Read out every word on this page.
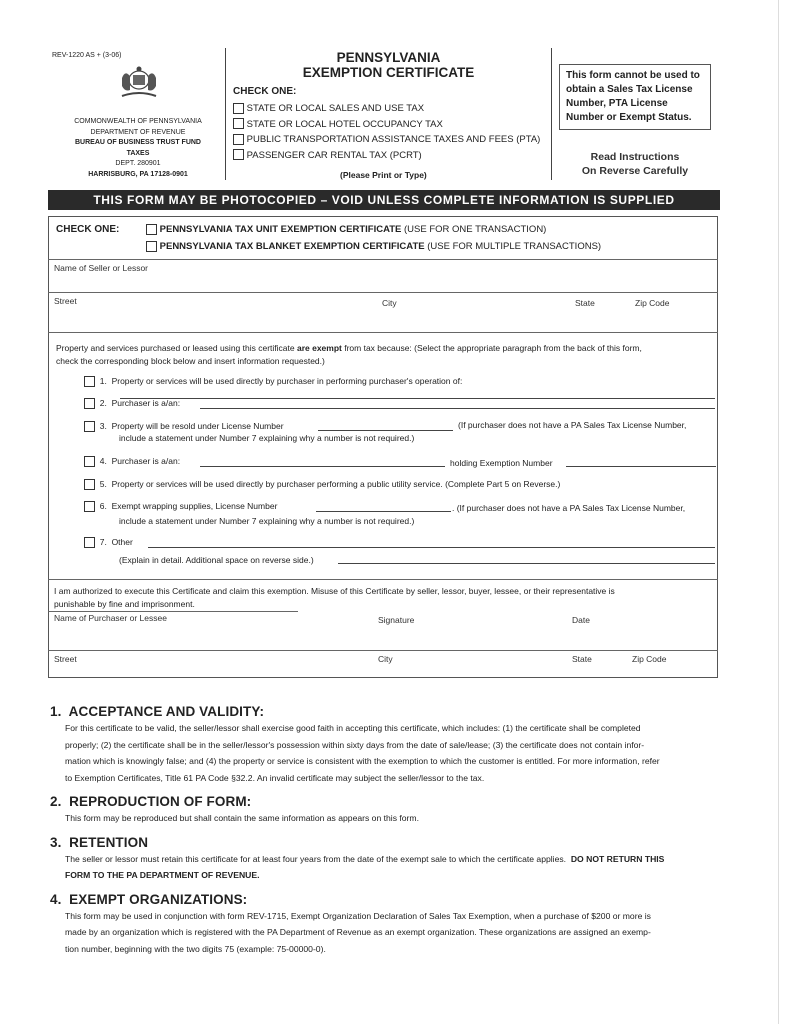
REV-1220 AS + (3-06)
COMMONWEALTH OF PENNSYLVANIA
DEPARTMENT OF REVENUE
BUREAU OF BUSINESS TRUST FUND TAXES
DEPT. 280901
HARRISBURG, PA 17128-0901
PENNSYLVANIA
EXEMPTION CERTIFICATE
CHECK ONE:
STATE OR LOCAL SALES AND USE TAX
STATE OR LOCAL HOTEL OCCUPANCY TAX
PUBLIC TRANSPORTATION ASSISTANCE TAXES AND FEES (PTA)
PASSENGER CAR RENTAL TAX (PCRT)
(Please Print or Type)
This form cannot be used to obtain a Sales Tax License Number, PTA License Number or Exempt Status.
Read Instructions
On Reverse Carefully
THIS FORM MAY BE PHOTOCOPIED – VOID UNLESS COMPLETE INFORMATION IS SUPPLIED
CHECK ONE:	PENNSYLVANIA TAX UNIT EXEMPTION CERTIFICATE (USE FOR ONE TRANSACTION)
PENNSYLVANIA TAX BLANKET EXEMPTION CERTIFICATE (USE FOR MULTIPLE TRANSACTIONS)
Name of Seller or Lessor
Street	City	State	Zip Code
Property and services purchased or leased using this certificate are exempt from tax because: (Select the appropriate paragraph from the back of this form,
check the corresponding block below and insert information requested.)
1. Property or services will be used directly by purchaser in performing purchaser's operation of:
2. Purchaser is a/an:
3. Property will be resold under License Number	(If purchaser does not have a PA Sales Tax License Number,
include a statement under Number 7 explaining why a number is not required.)
4. Purchaser is a/an:	holding Exemption Number
5. Property or services will be used directly by purchaser performing a public utility service. (Complete Part 5 on Reverse.)
6. Exempt wrapping supplies, License Number	. (If purchaser does not have a PA Sales Tax License Number,
include a statement under Number 7 explaining why a number is not required.)
7. Other
(Explain in detail. Additional space on reverse side.)
I am authorized to execute this Certificate and claim this exemption. Misuse of this Certificate by seller, lessor, buyer, lessee, or their representative is
punishable by fine and imprisonment.
Name of Purchaser or Lessee	Signature	Date
Street	City	State	Zip Code
1. ACCEPTANCE AND VALIDITY:
For this certificate to be valid, the seller/lessor shall exercise good faith in accepting this certificate, which includes: (1) the certificate shall be completed
properly; (2) the certificate shall be in the seller/lessor's possession within sixty days from the date of sale/lease; (3) the certificate does not contain infor-
mation which is knowingly false; and (4) the property or service is consistent with the exemption to which the customer is entitled. For more information, refer
to Exemption Certificates, Title 61 PA Code §32.2. An invalid certificate may subject the seller/lessor to the tax.
2. REPRODUCTION OF FORM:
This form may be reproduced but shall contain the same information as appears on this form.
3. RETENTION
The seller or lessor must retain this certificate for at least four years from the date of the exempt sale to which the certificate applies. DO NOT RETURN THIS
FORM TO THE PA DEPARTMENT OF REVENUE.
4. EXEMPT ORGANIZATIONS:
This form may be used in conjunction with form REV-1715, Exempt Organization Declaration of Sales Tax Exemption, when a purchase of $200 or more is
made by an organization which is registered with the PA Department of Revenue as an exempt organization. These organizations are assigned an exemp-
tion number, beginning with the two digits 75 (example: 75-00000-0).
